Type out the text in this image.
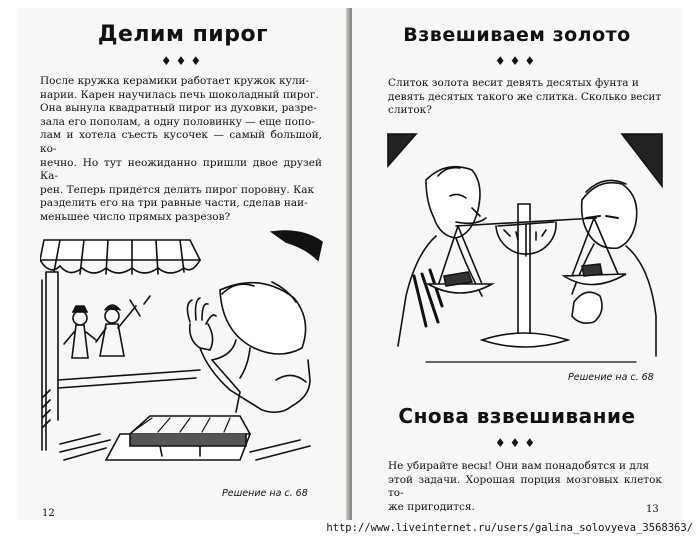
Делим пирог
♦♦♦
После кружка керамики работает кружок кули-
нарии. Карен научилась печь шоколадный пирог.
Она вынула квадратный пирог из духовки, разре-
зала его пополам, а одну половинку — еще попо-
лам и хотела съесть кусочек — самый большой, ко-
нечно. Но тут неожиданно пришли двое друзей Ка-
рен. Теперь придется делить пирог поровну. Как
разделить его на три равные части, сделав наи-
меньшее число прямых разрезов?
Решение на с. 68
12
Взвешиваем золото
♦♦♦
Слиток золота весит девять десятых фунта и
девять десятых такого же слитка. Сколько весит
слиток?
Решение на с. 68
Снова взвешивание
♦♦♦
Не убирайте весы! Они вам понадобятся и для
этой задачи. Хорошая порция мозговых клеток то-
же пригодится.	13
http://www.liveinternet.ru/users/galina_solovyeva_3568363/
